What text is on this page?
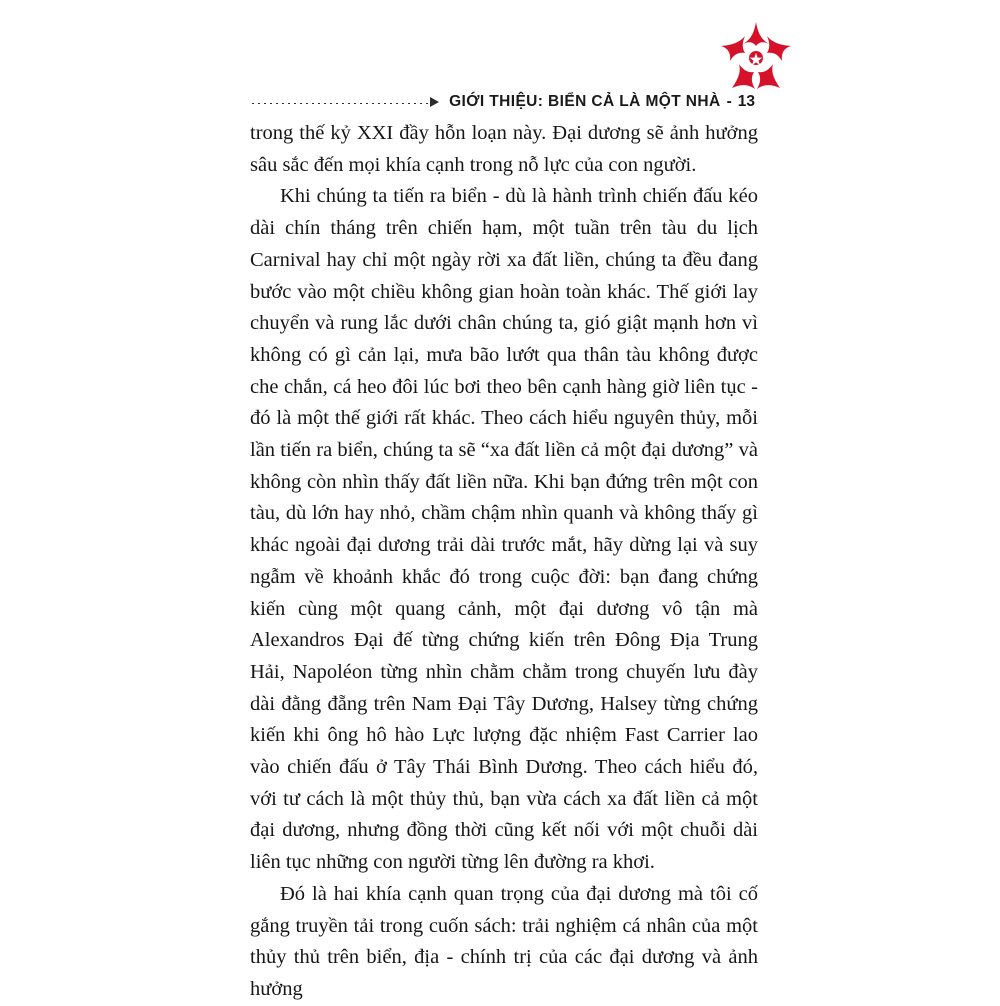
GIỚI THIỆU: BIỂN CẢ LÀ MỘT NHÀ - 13

trong thế kỷ XXI đầy hỗn loạn này. Đại dương sẽ ảnh hưởng sâu sắc đến mọi khía cạnh trong nỗ lực của con người.

Khi chúng ta tiến ra biển - dù là hành trình chiến đấu kéo dài chín tháng trên chiến hạm, một tuần trên tàu du lịch Carnival hay chỉ một ngày rời xa đất liền, chúng ta đều đang bước vào một chiều không gian hoàn toàn khác. Thế giới lay chuyển và rung lắc dưới chân chúng ta, gió giật mạnh hơn vì không có gì cản lại, mưa bão lướt qua thân tàu không được che chắn, cá heo đôi lúc bơi theo bên cạnh hàng giờ liên tục - đó là một thế giới rất khác. Theo cách hiểu nguyên thủy, mỗi lần tiến ra biển, chúng ta sẽ “xa đất liền cả một đại dương” và không còn nhìn thấy đất liền nữa. Khi bạn đứng trên một con tàu, dù lớn hay nhỏ, chầm chậm nhìn quanh và không thấy gì khác ngoài đại dương trải dài trước mắt, hãy dừng lại và suy ngẫm về khoảnh khắc đó trong cuộc đời: bạn đang chứng kiến cùng một quang cảnh, một đại dương vô tận mà Alexandros Đại đế từng chứng kiến trên Đông Địa Trung Hải, Napoléon từng nhìn chằm chằm trong chuyến lưu đày dài đằng đẵng trên Nam Đại Tây Dương, Halsey từng chứng kiến khi ông hô hào Lực lượng đặc nhiệm Fast Carrier lao vào chiến đấu ở Tây Thái Bình Dương. Theo cách hiểu đó, với tư cách là một thủy thủ, bạn vừa cách xa đất liền cả một đại dương, nhưng đồng thời cũng kết nối với một chuỗi dài liên tục những con người từng lên đường ra khơi.

Đó là hai khía cạnh quan trọng của đại dương mà tôi cố gắng truyền tải trong cuốn sách: trải nghiệm cá nhân của một thủy thủ trên biển, địa - chính trị của các đại dương và ảnh hưởng
